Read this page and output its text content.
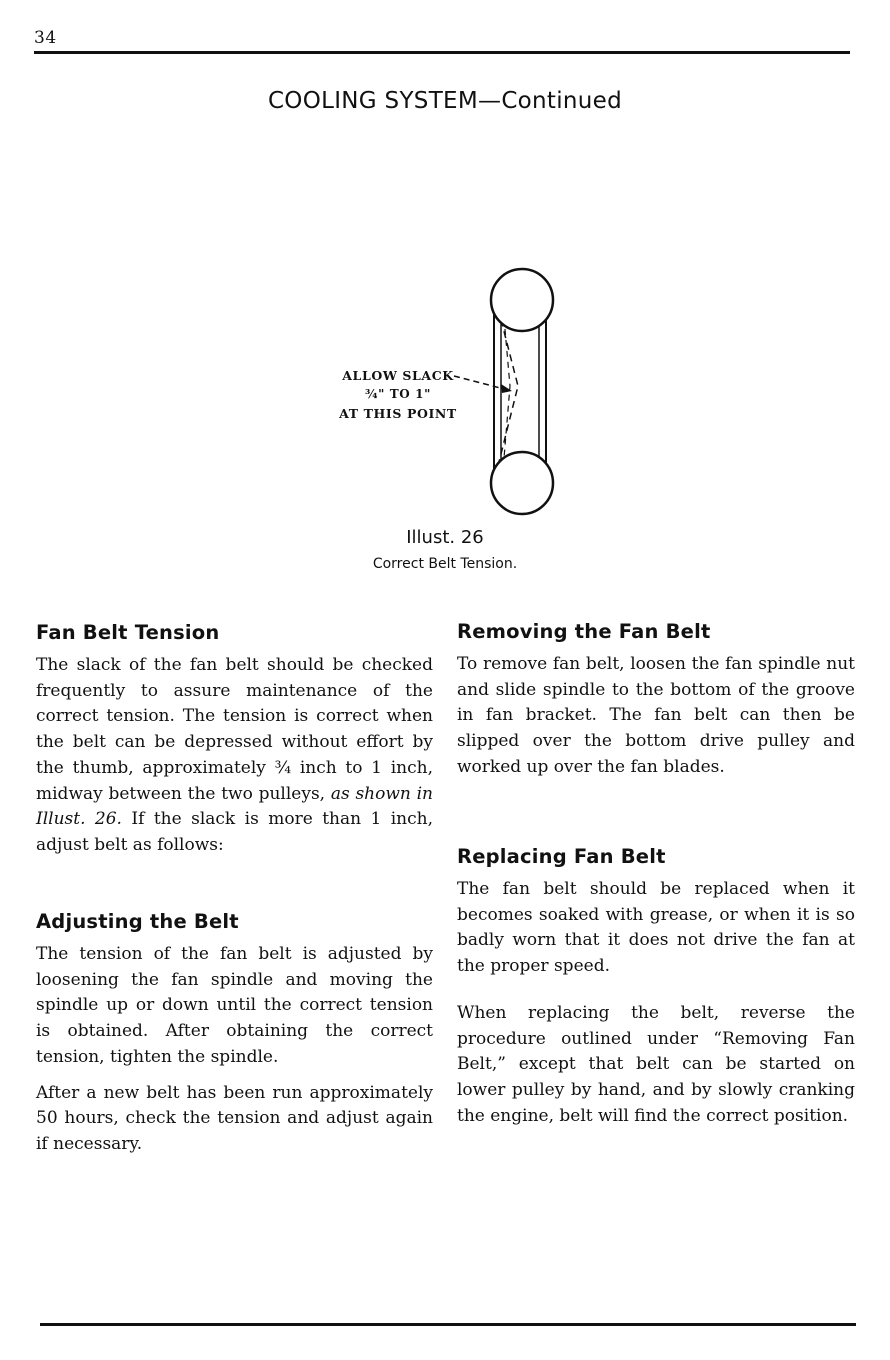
34
COOLING SYSTEM—Continued
ALLOW SLACK
¾" TO 1"
AT THIS POINT
Illust. 26
Correct Belt Tension.
Fan Belt Tension

The slack of the fan belt should be checked frequently to assure maintenance of the correct tension. The tension is correct when the belt can be depressed without effort by the thumb, approximately ¾ inch to 1 inch, midway between the two pulleys, as shown in Illust. 26. If the slack is more than 1 inch, adjust belt as follows:

Adjusting the Belt

The tension of the fan belt is adjusted by loosening the fan spindle and moving the spindle up or down until the correct tension is obtained. After obtaining the correct tension, tighten the spindle.

After a new belt has been run approximately 50 hours, check the tension and adjust again if necessary.

Removing the Fan Belt

To remove fan belt, loosen the fan spindle nut and slide spindle to the bottom of the groove in fan bracket. The fan belt can then be slipped over the bottom drive pulley and worked up over the fan blades.

Replacing Fan Belt

The fan belt should be replaced when it becomes soaked with grease, or when it is so badly worn that it does not drive the fan at the proper speed.

When replacing the belt, reverse the procedure outlined under “Removing Fan Belt,” except that belt can be started on lower pulley by hand, and by slowly cranking the engine, belt will find the correct position.
